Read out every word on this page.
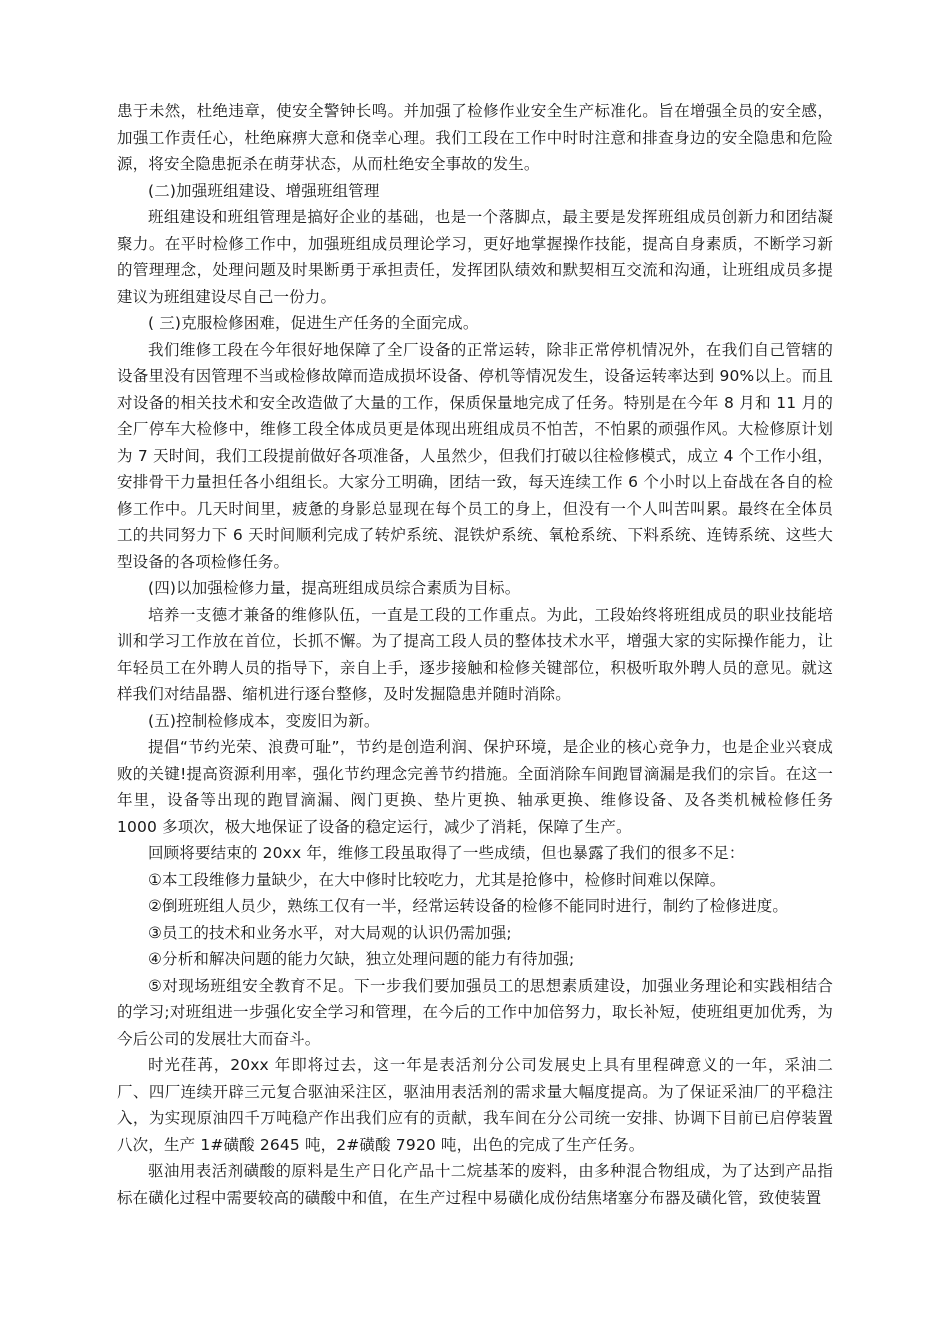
患于未然，杜绝违章，使安全警钟长鸣。并加强了检修作业安全生产标准化。旨在增强全员的安全感，加强工作责任心，杜绝麻痹大意和侥幸心理。我们工段在工作中时时注意和排查身边的安全隐患和危险源，将安全隐患扼杀在萌芽状态，从而杜绝安全事故的发生。

(二)加强班组建设、增强班组管理

班组建设和班组管理是搞好企业的基础，也是一个落脚点，最主要是发挥班组成员创新力和团结凝聚力。在平时检修工作中，加强班组成员理论学习，更好地掌握操作技能，提高自身素质，不断学习新的管理理念，处理问题及时果断勇于承担责任，发挥团队绩效和默契相互交流和沟通，让班组成员多提建议为班组建设尽自己一份力。

( 三)克服检修困难，促进生产任务的全面完成。

我们维修工段在今年很好地保障了全厂设备的正常运转，除非正常停机情况外，在我们自己管辖的设备里没有因管理不当或检修故障而造成损坏设备、停机等情况发生，设备运转率达到 90%以上。而且对设备的相关技术和安全改造做了大量的工作，保质保量地完成了任务。特别是在今年 8 月和 11 月的全厂停车大检修中，维修工段全体成员更是体现出班组成员不怕苦，不怕累的顽强作风。大检修原计划为 7 天时间，我们工段提前做好各项准备，人虽然少，但我们打破以往检修模式，成立 4 个工作小组，安排骨干力量担任各小组组长。大家分工明确，团结一致，每天连续工作 6 个小时以上奋战在各自的检修工作中。几天时间里，疲惫的身影总显现在每个员工的身上，但没有一个人叫苦叫累。最终在全体员工的共同努力下 6 天时间顺利完成了转炉系统、混铁炉系统、氧枪系统、下料系统、连铸系统、这些大型设备的各项检修任务。

(四)以加强检修力量，提高班组成员综合素质为目标。

培养一支德才兼备的维修队伍，一直是工段的工作重点。为此，工段始终将班组成员的职业技能培训和学习工作放在首位，长抓不懈。为了提高工段人员的整体技术水平，增强大家的实际操作能力，让年轻员工在外聘人员的指导下，亲自上手，逐步接触和检修关键部位，积极听取外聘人员的意见。就这样我们对结晶器、缩机进行逐台整修，及时发掘隐患并随时消除。

(五)控制检修成本，变废旧为新。

提倡“节约光荣、浪费可耻”，节约是创造利润、保护环境，是企业的核心竞争力，也是企业兴衰成败的关键!提高资源利用率，强化节约理念完善节约措施。全面消除车间跑冒滴漏是我们的宗旨。在这一年里，设备等出现的跑冒滴漏、阀门更换、垫片更换、轴承更换、维修设备、及各类机械检修任务 1000 多项次，极大地保证了设备的稳定运行，减少了消耗，保障了生产。

回顾将要结束的 20xx 年，维修工段虽取得了一些成绩，但也暴露了我们的很多不足：

①本工段维修力量缺少，在大中修时比较吃力，尤其是抢修中，检修时间难以保障。

②倒班班组人员少，熟练工仅有一半，经常运转设备的检修不能同时进行，制约了检修进度。

③员工的技术和业务水平，对大局观的认识仍需加强;

④分析和解决问题的能力欠缺，独立处理问题的能力有待加强;

⑤对现场班组安全教育不足。下一步我们要加强员工的思想素质建设，加强业务理论和实践相结合的学习;对班组进一步强化安全学习和管理，在今后的工作中加倍努力，取长补短，使班组更加优秀，为今后公司的发展壮大而奋斗。

时光荏苒，20xx 年即将过去，这一年是表活剂分公司发展史上具有里程碑意义的一年，采油二厂、四厂连续开辟三元复合驱油采注区，驱油用表活剂的需求量大幅度提高。为了保证采油厂的平稳注入，为实现原油四千万吨稳产作出我们应有的贡献，我车间在分公司统一安排、协调下目前已启停装置八次，生产 1#磺酸 2645 吨，2#磺酸 7920 吨，出色的完成了生产任务。

驱油用表活剂磺酸的原料是生产日化产品十二烷基苯的废料，由多种混合物组成，为了达到产品指标在磺化过程中需要较高的磺酸中和值，在生产过程中易磺化成份结焦堵塞分布器及磺化管，致使装置
